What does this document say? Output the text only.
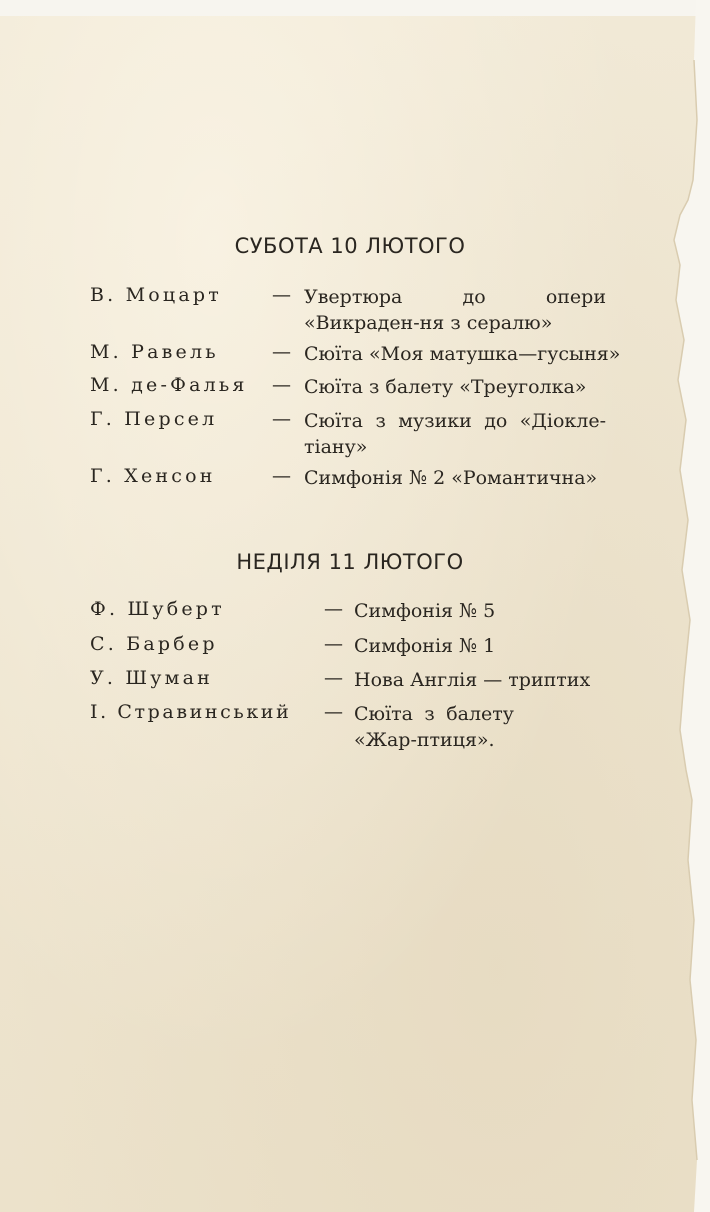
СУБОТА 10 ЛЮТОГО
В. Моцарт	— Увертюра до опери «Викраден-ня з сералю»
М. Равель	— Сюїта «Моя матушка—гусыня»
М. де-Фалья — Сюїта з балету «Треуголка»
Г. Персел	— Сюїта з музики до «Діокле-тіану»
Г. Хенсон	— Симфонія № 2 «Романтична»
НЕДІЛЯ 11 ЛЮТОГО
Ф. Шуберт	— Симфонія № 5
С. Барбер	— Симфонія № 1
У. Шуман	— Нова Англія — триптих
І. Стравинський — Сюїта з балету «Жар-птиця».
